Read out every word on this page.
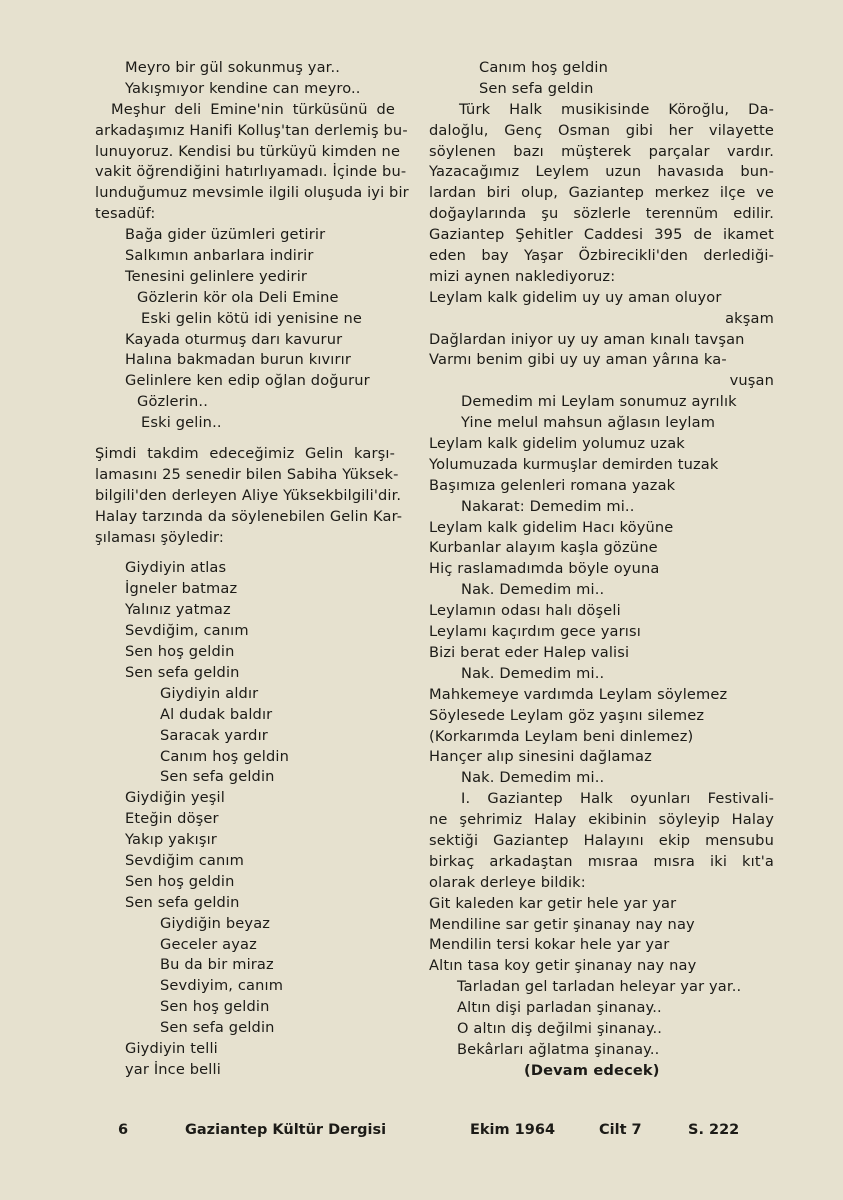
Meyro bir gül sokunmuş yar..
Yakışmıyor kendine can meyro..
Meşhur deli Emine'nin türküsünü de
arkadaşımız Hanifi Kolluş'tan derlemiş bu-
lunuyoruz. Kendisi bu türküyü kimden ne
vakit öğrendiğini hatırlıyamadı. İçinde bu-
lunduğumuz mevsimle ilgili oluşuda iyi bir
tesadüf:
Bağa gider üzümleri getirir
Salkımın anbarlara indirir
Tenesini gelinlere yedirir
Gözlerin kör ola Deli Emine
Eski gelin kötü idi yenisine ne
Kayada oturmuş darı kavurur
Halına bakmadan burun kıvırır
Gelinlere ken edip oğlan doğurur
Gözlerin..
Eski gelin..
Şimdi takdim edeceğimiz Gelin karşı-
lamasını 25 senedir bilen Sabiha Yüksek-
bilgili'den derleyen Aliye Yüksekbilgili'dir.
Halay tarzında da söylenebilen Gelin Kar-
şılaması şöyledir:
Giydiyin atlas
İgneler batmaz
Yalınız yatmaz
Sevdiğim, canım
Sen hoş geldin
Sen sefa geldin
Giydiyin aldır
Al dudak baldır
Saracak yardır
Canım hoş geldin
Sen sefa geldin
Giydiğin yeşil
Eteğin döşer
Yakıp yakışır
Sevdiğim canım
Sen hoş geldin
Sen sefa geldin
Giydiğin beyaz
Geceler ayaz
Bu da bir miraz
Sevdiyim, canım
Sen hoş geldin
Sen sefa geldin
Giydiyin telli
yar İnce belli
Canım hoş geldin
Sen sefa geldin
Türk Halk musikisinde Köroğlu, Da-
daloğlu, Genç Osman gibi her vilayette
söylenen bazı müşterek parçalar vardır.
Yazacağımız Leylem uzun havasıda bun-
lardan biri olup, Gaziantep merkez ilçe ve
doğaylarında şu sözlerle terennüm edilir.
Gaziantep Şehitler Caddesi 395 de ikamet
eden bay Yaşar Özbirecikli'den derlediği-
mizi aynen naklediyoruz:
Leylam kalk gidelim uy uy aman oluyor
akşam
Dağlardan iniyor uy uy aman kınalı tavşan
Varmı benim gibi uy uy aman yârına ka-
vuşan
Demedim mi Leylam sonumuz ayrılık
Yine melul mahsun ağlasın leylam
Leylam kalk gidelim yolumuz uzak
Yolumuzada kurmuşlar demirden tuzak
Başımıza gelenleri romana yazak
Nakarat: Demedim mi..
Leylam kalk gidelim Hacı köyüne
Kurbanlar alayım kaşla gözüne
Hiç raslamadımda böyle oyuna
Nak. Demedim mi..
Leylamın odası halı döşeli
Leylamı kaçırdım gece yarısı
Bizi berat eder Halep valisi
Nak. Demedim mi..
Mahkemeye vardımda Leylam söylemez
Söylesede Leylam göz yaşını silemez
(Korkarımda Leylam beni dinlemez)
Hançer alıp sinesini dağlamaz
Nak. Demedim mi..
I. Gaziantep Halk oyunları Festivali-
ne şehrimiz Halay ekibinin söyleyip Halay
sektiği Gaziantep Halayını ekip mensubu
birkaç arkadaştan mısraa mısra iki kıt'a
olarak derleye bildik:
Git kaleden kar getir hele yar yar
Mendiline sar getir şinanay nay nay
Mendilin tersi kokar hele yar yar
Altın tasa koy getir şinanay nay nay
Tarladan gel tarladan heleyar yar yar..
Altın dişi parladan şinanay..
O altın diş değilmi şinanay..
Bekârları ağlatma şinanay..
(Devam edecek)
6	Gaziantep Kültür Dergisi	Ekim 1964	Cilt 7	S. 222
